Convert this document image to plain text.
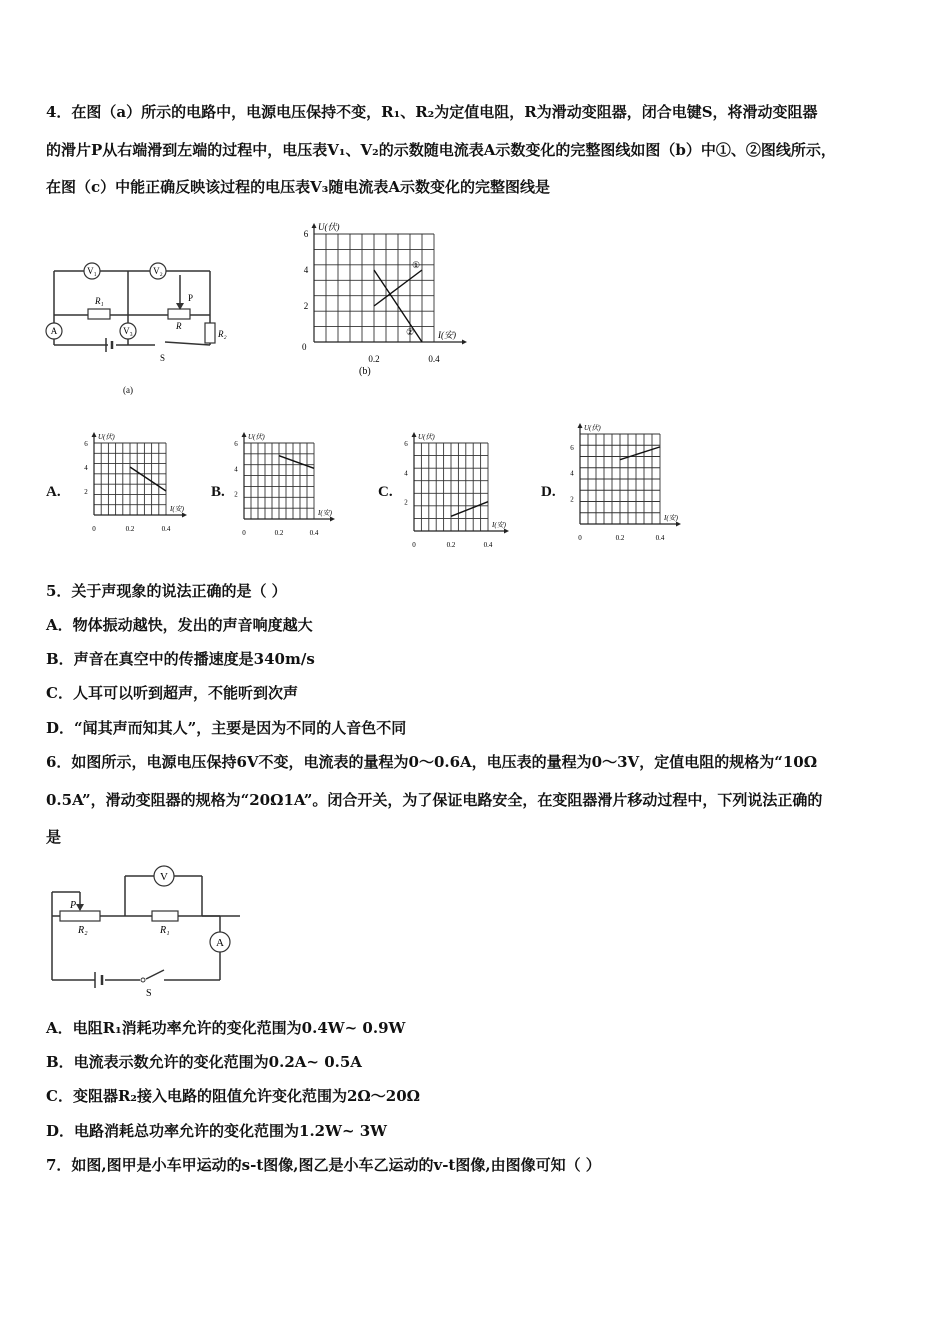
4．在图（a）所示的电路中，电源电压保持不变，R₁、R₂为定值电阻，R为滑动变阻器，闭合电键S，将滑动变阻器
的滑片P从右端滑到左端的过程中，电压表V₁、V₂的示数随电流表A示数变化的完整图线如图（b）中①、②图线所示，
在图（c）中能正确反映该过程的电压表V₃随电流表A示数变化的完整图线是
V₁	V₂
A	V₃
R₁
R
R₂
P
S
(a)
U(伏)
I(安)
2
4
6
0.2	0.4
0
①
②
(b)
A.
U(伏)
I(安)
2
4
6
0	0.2	0.4
B.
U(伏)
I(安)
2
4
6
0	0.2	0.4
C.
U(伏)
I(安)
2
4
6
0	0.2	0.4
D.
U(伏)
I(安)
2
4
6
0	0.2	0.4
5．关于声现象的说法正确的是（ ）
A．物体振动越快，发出的声音响度越大
B．声音在真空中的传播速度是340m/s
C．人耳可以听到超声，不能听到次声
D．“闻其声而知其人”，主要是因为不同的人音色不同
6．如图所示，电源电压保持6V不变，电流表的量程为0～0.6A，电压表的量程为0～3V，定值电阻的规格为“10Ω
0.5A”，滑动变阻器的规格为“20Ω1A”。闭合开关，为了保证电路安全，在变阻器滑片移动过程中，下列说法正确的
是
V
A
P
R₂	R₁
S
A．电阻R₁消耗功率允许的变化范围为0.4W~ 0.9W
B．电流表示数允许的变化范围为0.2A~ 0.5A
C．变阻器R₂接入电路的阻值允许变化范围为2Ω～20Ω
D．电路消耗总功率允许的变化范围为1.2W~ 3W
7．如图,图甲是小车甲运动的s-t图像,图乙是小车乙运动的v-t图像,由图像可知（ ）
